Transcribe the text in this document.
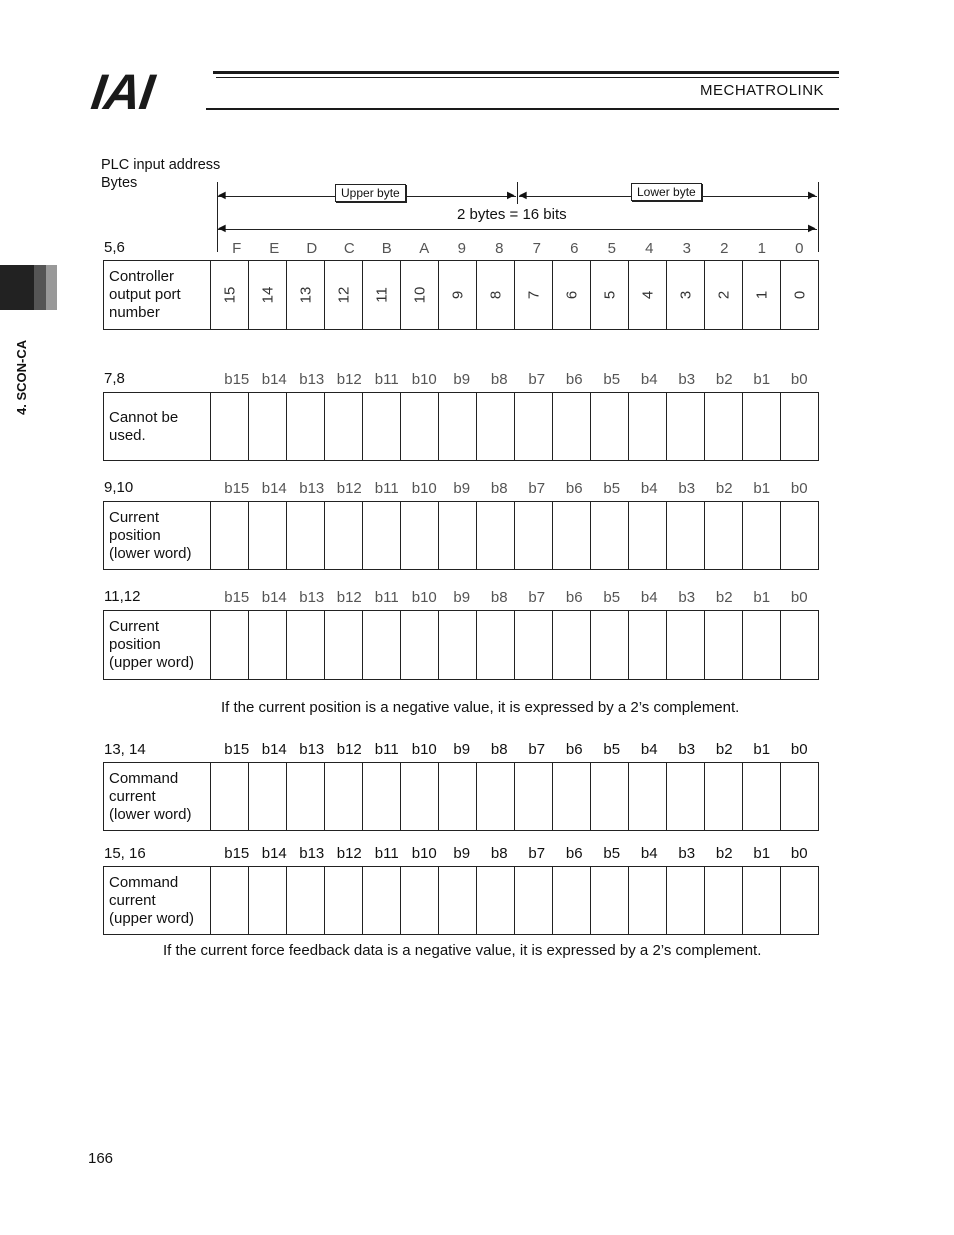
IAI	MECHATROLINK
4. SCON-CA
PLC input address
Bytes
◀	▶ ◀	▶
Upper byte	Lower byte
◀	▶
2 bytes = 16 bits
5,6	F	E	D	C	B	A	9	8	7	6	5	4	3	2	1	0
Controller
output port
number
15 14 13 12 11 10 9 8 7 6 5 4 3 2 1 0
7,8	b15 b14 b13 b12 b11 b10	b9	b8	b7	b6	b5	b4	b3	b2	b1	b0
Cannot be
used.
9,10	b15 b14 b13 b12 b11 b10	b9	b8	b7	b6	b5	b4	b3	b2	b1	b0
Current
position
(lower word)
11,12	b15 b14 b13 b12 b11 b10	b9	b8	b7	b6	b5	b4	b3	b2	b1	b0
Current
position
(upper word)
13, 14	b15 b14 b13 b12 b11 b10	b9	b8	b7	b6	b5	b4	b3	b2	b1	b0
Command
current
(lower word)
15, 16	b15 b14 b13 b12 b11 b10	b9	b8	b7	b6	b5	b4	b3	b2	b1	b0
Command
current
(upper word)
If the current position is a negative value, it is expressed by a 2’s complement.
If the current force feedback data is a negative value, it is expressed by a 2’s complement.
166
